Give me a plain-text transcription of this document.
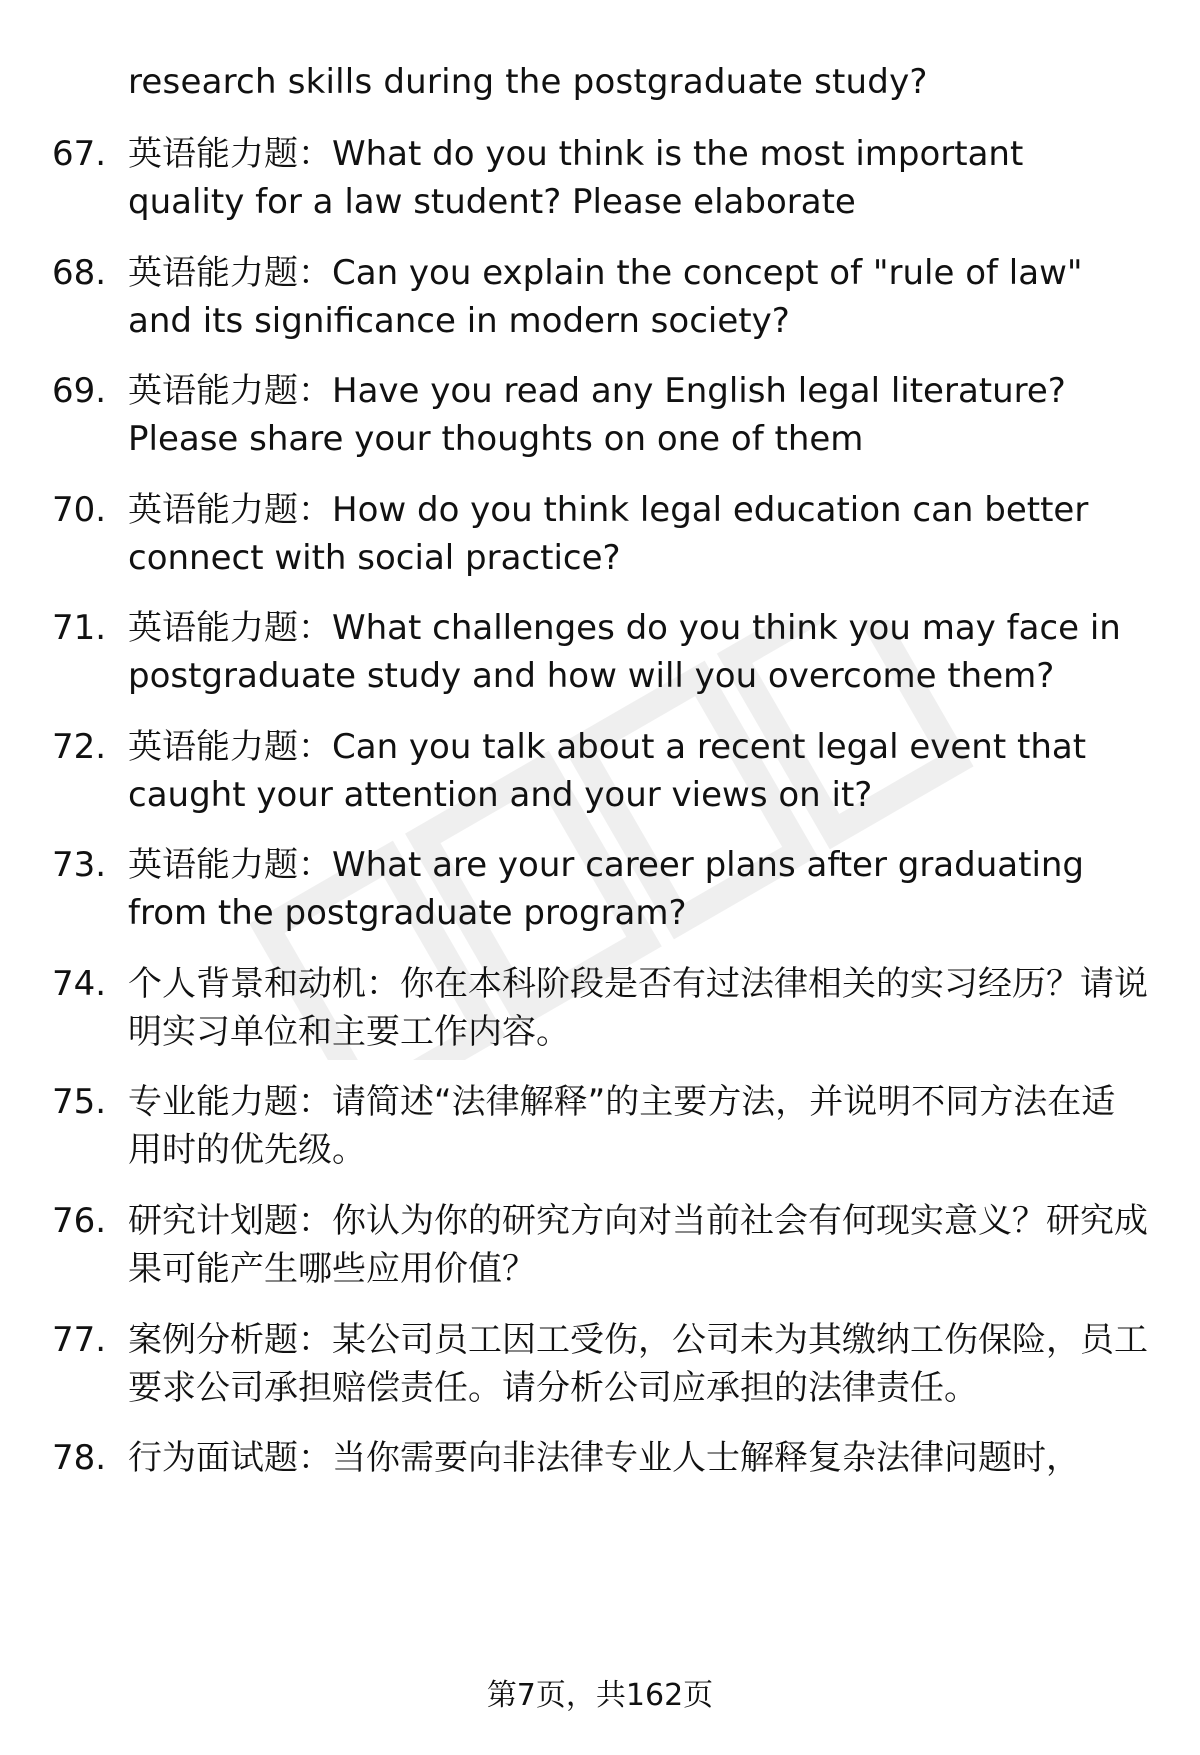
research skills during the postgraduate study?
67. 英语能力题：What do you think is the most important quality for a law student? Please elaborate
68. 英语能力题：Can you explain the concept of "rule of law" and its significance in modern society?
69. 英语能力题：Have you read any English legal literature? Please share your thoughts on one of them
70. 英语能力题：How do you think legal education can better connect with social practice?
71. 英语能力题：What challenges do you think you may face in postgraduate study and how will you overcome them?
72. 英语能力题：Can you talk about a recent legal event that caught your attention and your views on it?
73. 英语能力题：What are your career plans after graduating from the postgraduate program?
74. 个人背景和动机：你在本科阶段是否有过法律相关的实习经历？请说明实习单位和主要工作内容。
75. 专业能力题：请简述“法律解释”的主要方法，并说明不同方法在适用时的优先级。
76. 研究计划题：你认为你的研究方向对当前社会有何现实意义？研究成果可能产生哪些应用价值？
77. 案例分析题：某公司员工因工受伤，公司未为其缴纳工伤保险，员工要求公司承担赔偿责任。请分析公司应承担的法律责任。
78. 行为面试题：当你需要向非法律专业人士解释复杂法律问题时，
第7页，共162页
